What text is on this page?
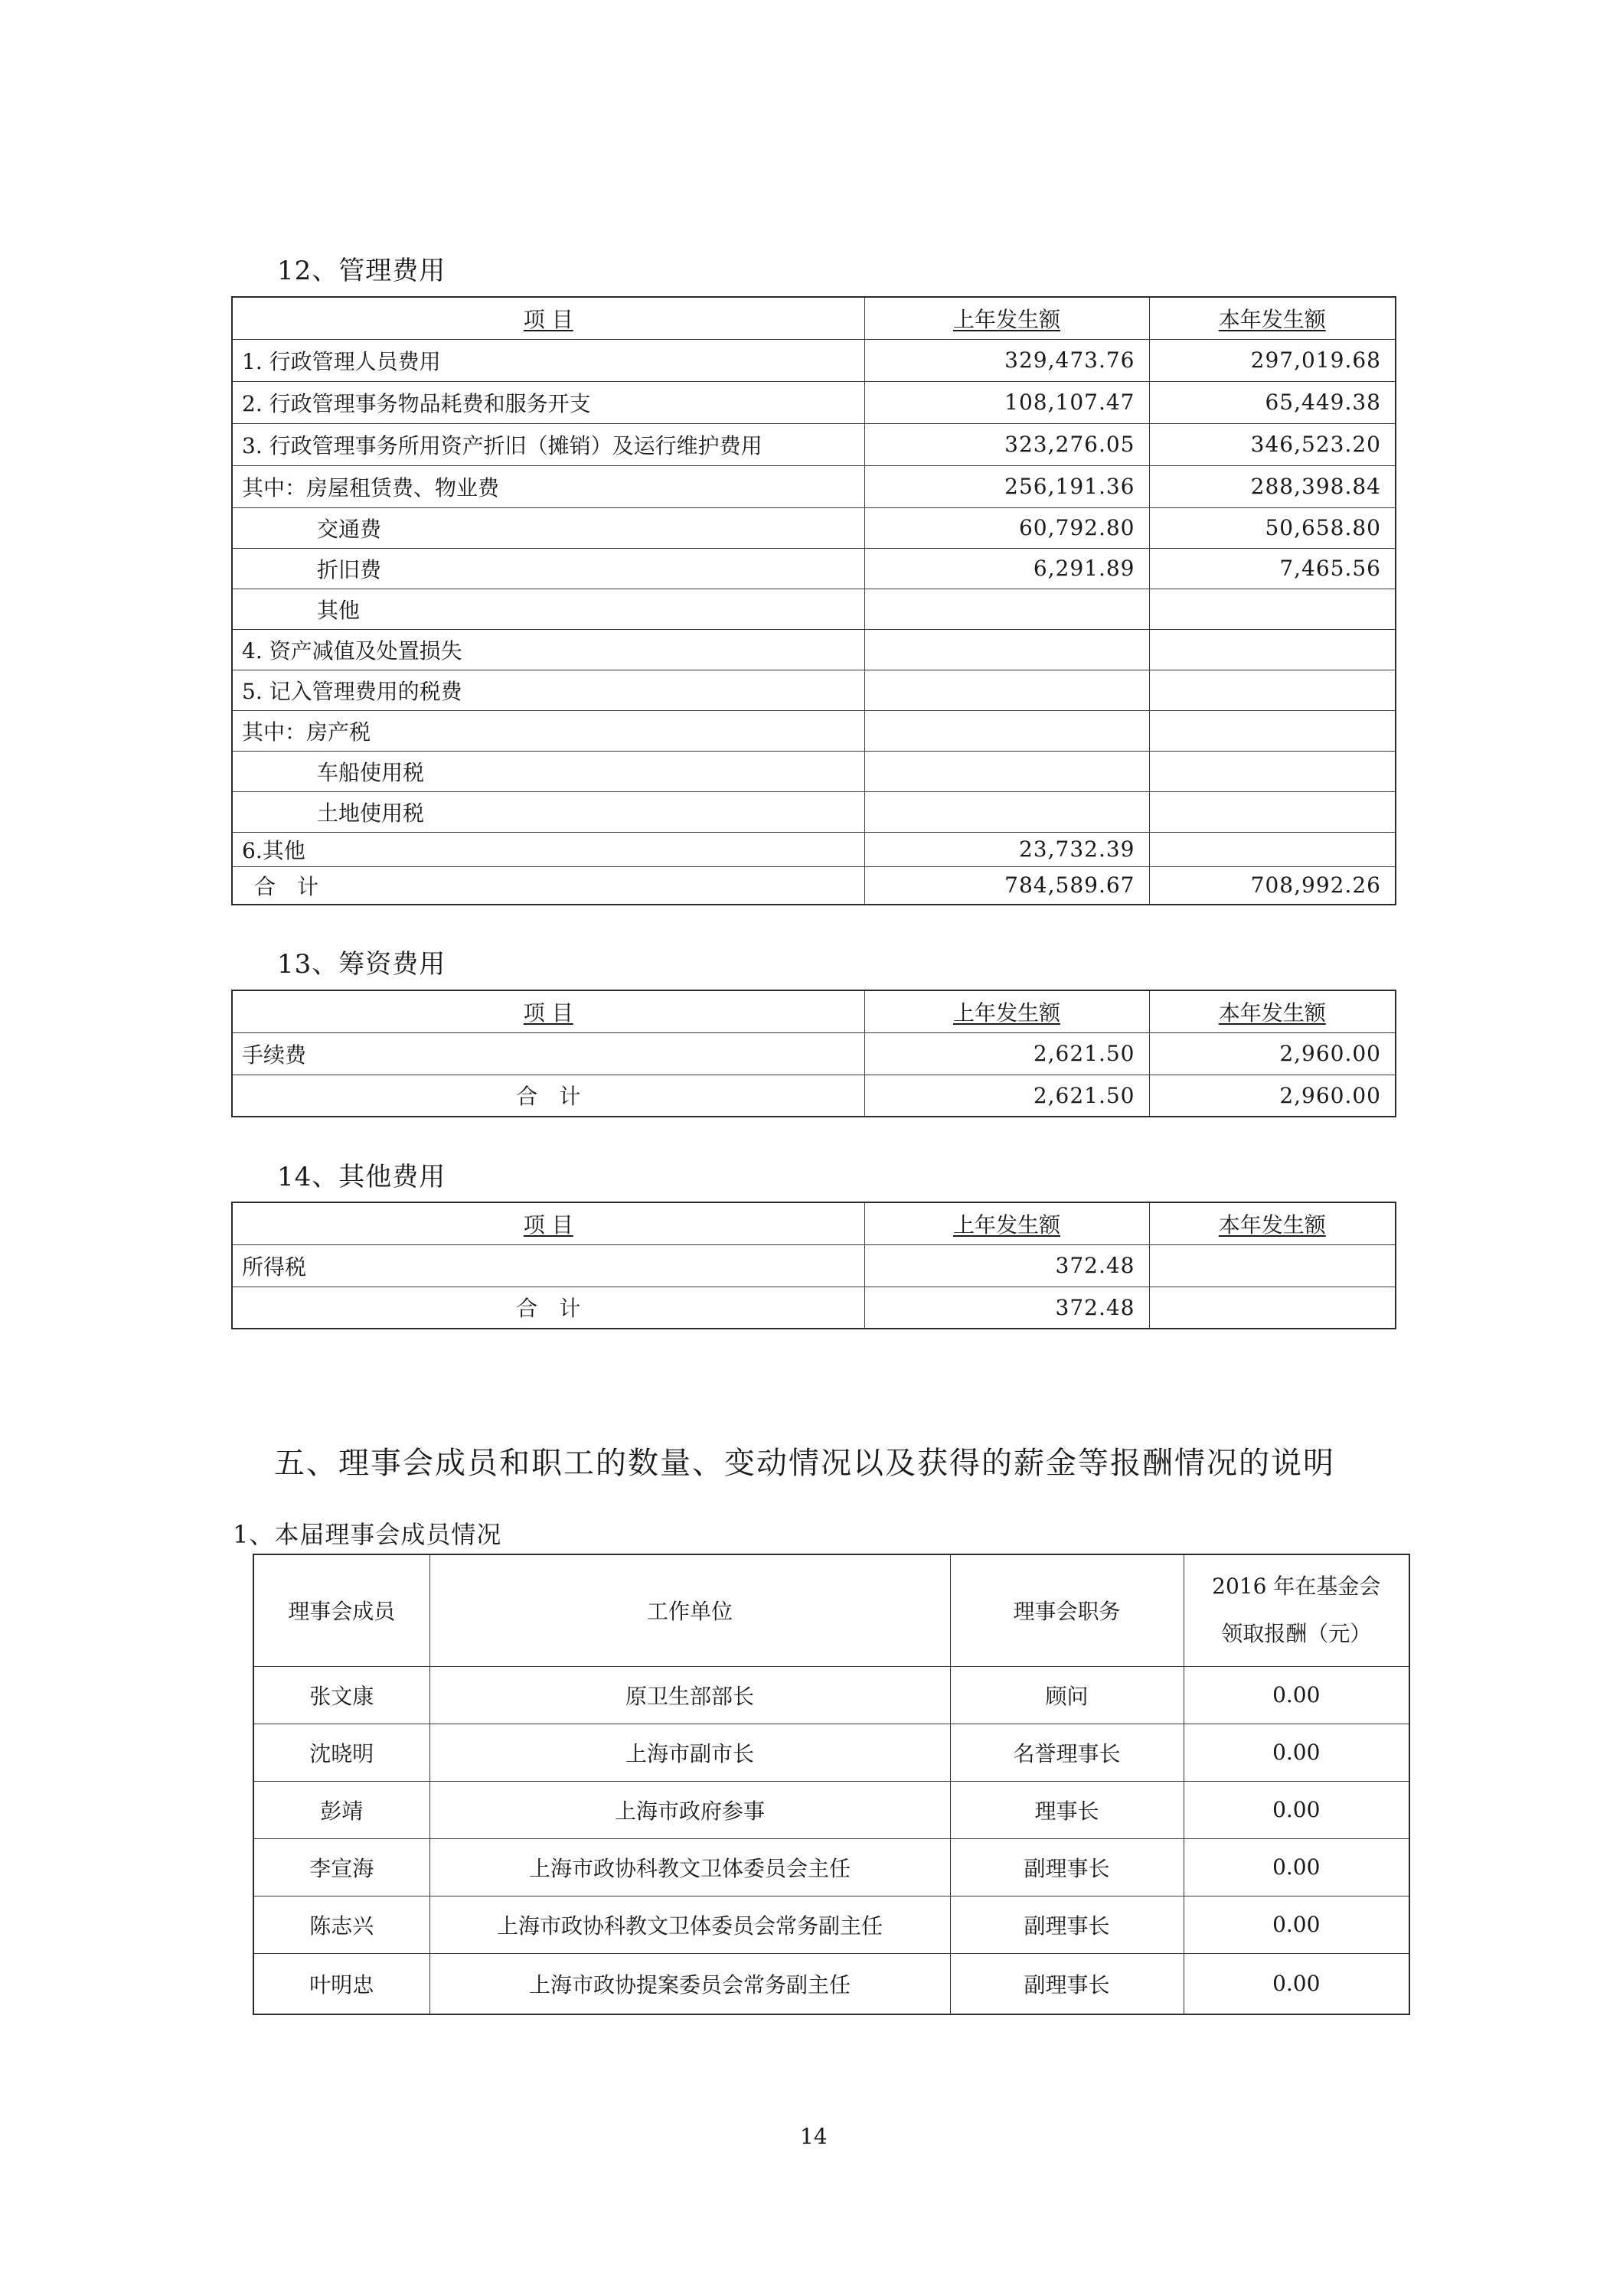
12、管理费用
项 目	上年发生额	本年发生额
1. 行政管理人员费用	329,473.76	297,019.68
2. 行政管理事务物品耗费和服务开支	108,107.47	65,449.38
3. 行政管理事务所用资产折旧（摊销）及运行维护费用	323,276.05	346,523.20
其中：房屋租赁费、物业费	256,191.36	288,398.84
交通费	60,792.80	50,658.80
折旧费	6,291.89	7,465.56
其他		
4. 资产减值及处置损失		
5. 记入管理费用的税费		
其中：房产税		
车船使用税		
土地使用税		
6.其他	23,732.39	
合　计	784,589.67	708,992.26
13、筹资费用
项 目	上年发生额	本年发生额
手续费	2,621.50	2,960.00
合　计	2,621.50	2,960.00
14、其他费用
项 目	上年发生额	本年发生额
所得税	372.48	
合　计	372.48	
五、理事会成员和职工的数量、变动情况以及获得的薪金等报酬情况的说明
1、本届理事会成员情况
理事会成员	工作单位	理事会职务	2016 年在基金会
领取报酬（元）

张文康	原卫生部部长	顾问	0.00
沈晓明	上海市副市长	名誉理事长	0.00
彭靖	上海市政府参事	理事长	0.00
李宣海	上海市政协科教文卫体委员会主任	副理事长	0.00
陈志兴	上海市政协科教文卫体委员会常务副主任	副理事长	0.00
叶明忠	上海市政协提案委员会常务副主任	副理事长	0.00
14
